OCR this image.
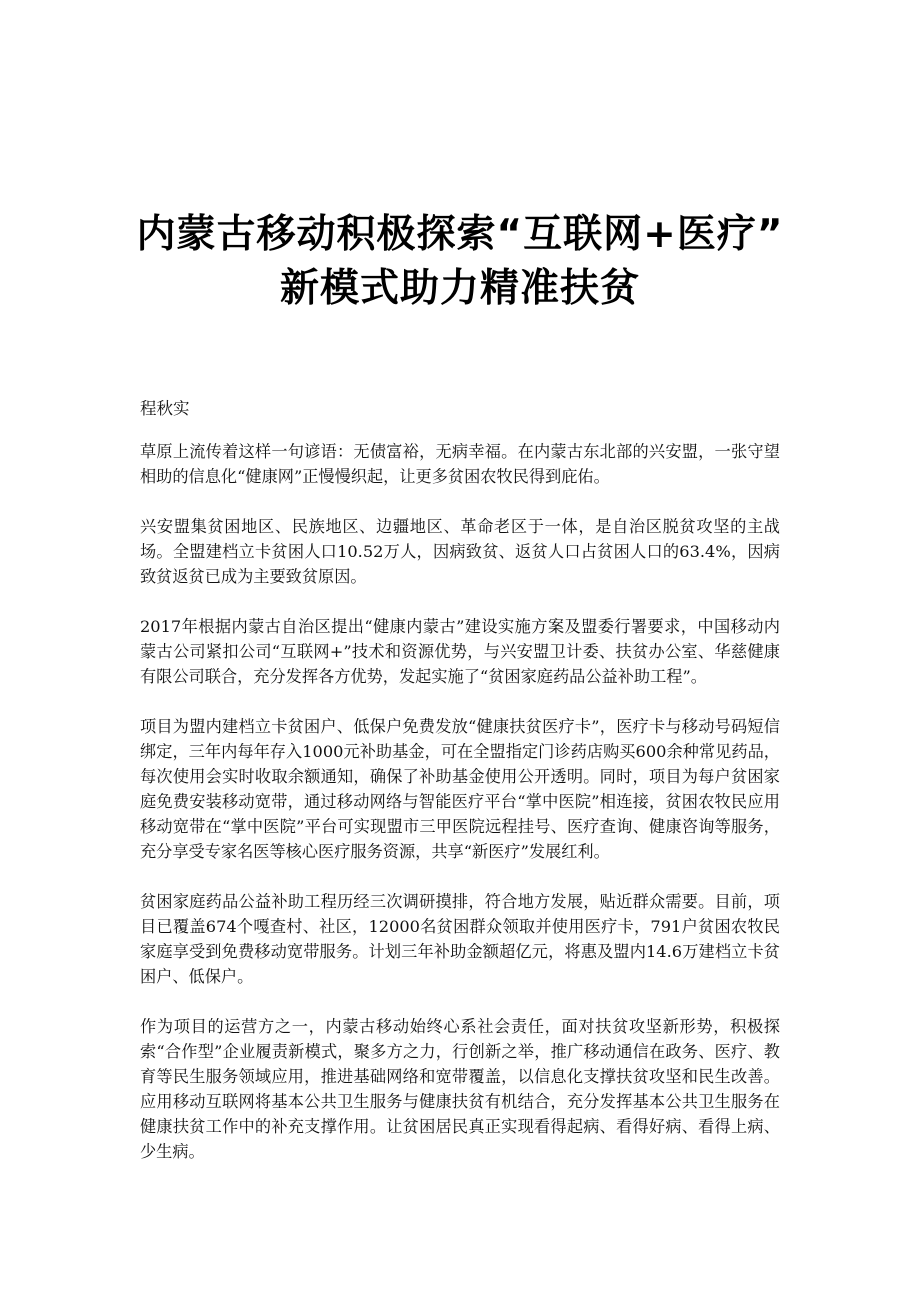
内蒙古移动积极探索“互联网+医疗”
新模式助力精准扶贫
程秋实

草原上流传着这样一句谚语：无债富裕，无病幸福。在内蒙古东北部的兴安盟，一张守望相助的信息化“健康网”正慢慢织起，让更多贫困农牧民得到庇佑。

兴安盟集贫困地区、民族地区、边疆地区、革命老区于一体，是自治区脱贫攻坚的主战场。全盟建档立卡贫困人口10.52万人，因病致贫、返贫人口占贫困人口的63.4%，因病致贫返贫已成为主要致贫原因。

2017年根据内蒙古自治区提出“健康内蒙古”建设实施方案及盟委行署要求，中国移动内蒙古公司紧扣公司“互联网+”技术和资源优势，与兴安盟卫计委、扶贫办公室、华慈健康有限公司联合，充分发挥各方优势，发起实施了“贫困家庭药品公益补助工程”。

项目为盟内建档立卡贫困户、低保户免费发放“健康扶贫医疗卡”，医疗卡与移动号码短信绑定，三年内每年存入1000元补助基金，可在全盟指定门诊药店购买600余种常见药品，每次使用会实时收取余额通知，确保了补助基金使用公开透明。同时，项目为每户贫困家庭免费安装移动宽带，通过移动网络与智能医疗平台“掌中医院”相连接，贫困农牧民应用移动宽带在“掌中医院”平台可实现盟市三甲医院远程挂号、医疗查询、健康咨询等服务，充分享受专家名医等核心医疗服务资源，共享“新医疗”发展红利。

贫困家庭药品公益补助工程历经三次调研摸排，符合地方发展，贴近群众需要。目前，项目已覆盖674个嘎查村、社区，12000名贫困群众领取并使用医疗卡，791户贫困农牧民家庭享受到免费移动宽带服务。计划三年补助金额超亿元，将惠及盟内14.6万建档立卡贫困户、低保户。

作为项目的运营方之一，内蒙古移动始终心系社会责任，面对扶贫攻坚新形势，积极探索“合作型”企业履责新模式，聚多方之力，行创新之举，推广移动通信在政务、医疗、教育等民生服务领域应用，推进基础网络和宽带覆盖，以信息化支撑扶贫攻坚和民生改善。应用移动互联网将基本公共卫生服务与健康扶贫有机结合，充分发挥基本公共卫生服务在健康扶贫工作中的补充支撑作用。让贫困居民真正实现看得起病、看得好病、看得上病、少生病。
